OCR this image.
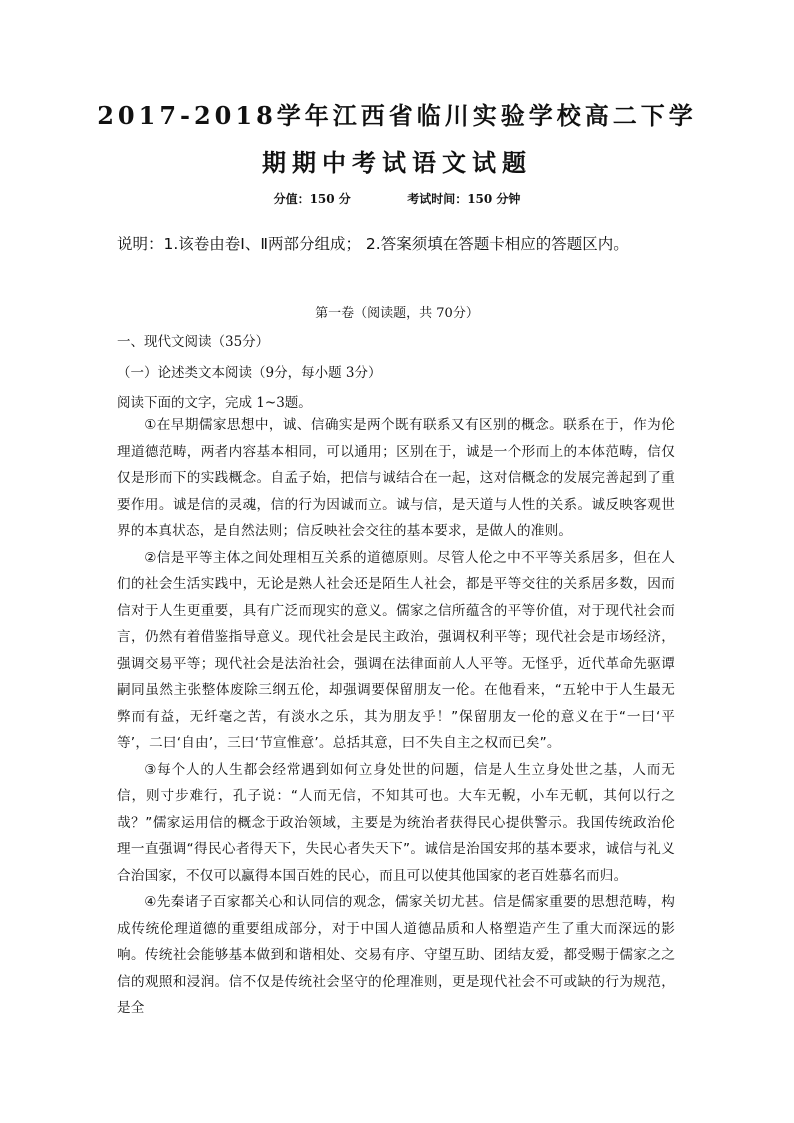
2017-2018学年江西省临川实验学校高二下学
期期中考试语文试题
分值：150 分	考试时间：150 分钟
说明：1.该卷由卷Ⅰ、Ⅱ两部分组成； 2.答案须填在答题卡相应的答题区内。
第一卷（阅读题，共 70分）
一、现代文阅读（35分）
（一）论述类文本阅读（9分，每小题 3分）
阅读下面的文字，完成 1~3题。

①在早期儒家思想中，诚、信确实是两个既有联系又有区别的概念。联系在于，作为伦理道德范畴，两者内容基本相同，可以通用；区别在于，诚是一个形而上的本体范畴，信仅仅是形而下的实践概念。自孟子始，把信与诚结合在一起，这对信概念的发展完善起到了重要作用。诚是信的灵魂，信的行为因诚而立。诚与信，是天道与人性的关系。诚反映客观世界的本真状态，是自然法则；信反映社会交往的基本要求，是做人的准则。

②信是平等主体之间处理相互关系的道德原则。尽管人伦之中不平等关系居多，但在人们的社会生活实践中，无论是熟人社会还是陌生人社会，都是平等交往的关系居多数，因而信对于人生更重要，具有广泛而现实的意义。儒家之信所蕴含的平等价值，对于现代社会而言，仍然有着借鉴指导意义。现代社会是民主政治，强调权利平等；现代社会是市场经济，强调交易平等；现代社会是法治社会，强调在法律面前人人平等。无怪乎，近代革命先驱谭嗣同虽然主张整体废除三纲五伦，却强调要保留朋友一伦。在他看来，“五轮中于人生最无弊而有益，无纤毫之苦，有淡水之乐，其为朋友乎！”保留朋友一伦的意义在于“一曰‘平等’，二曰‘自由’，三曰‘节宣惟意’。总括其意，曰不失自主之权而已矣”。

③每个人的人生都会经常遇到如何立身处世的问题，信是人生立身处世之基，人而无信，则寸步难行，孔子说：“人而无信，不知其可也。大车无輗，小车无軏，其何以行之哉？”儒家运用信的概念于政治领域，主要是为统治者获得民心提供警示。我国传统政治伦理一直强调“得民心者得天下，失民心者失天下”。诚信是治国安邦的基本要求，诚信与礼义合治国家，不仅可以赢得本国百姓的民心，而且可以使其他国家的老百姓慕名而归。

④先秦诸子百家都关心和认同信的观念，儒家关切尤甚。信是儒家重要的思想范畴，构成传统伦理道德的重要组成部分，对于中国人道德品质和人格塑造产生了重大而深远的影响。传统社会能够基本做到和谐相处、交易有序、守望互助、团结友爱，都受赐于儒家之之信的观照和浸润。信不仅是传统社会坚守的伦理准则，更是现代社会不可或缺的行为规范，是全
